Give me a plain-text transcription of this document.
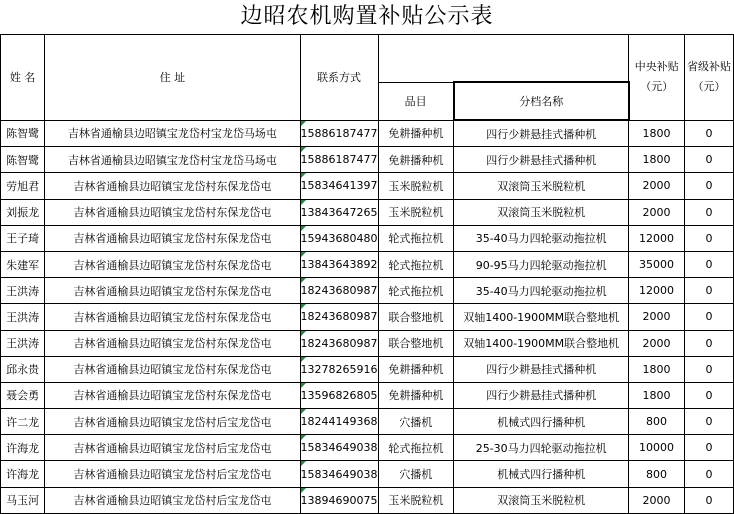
边昭农机购置补贴公示表
姓 名	住 址	联系方式			中央补贴（元）	省级补贴（元）
			品目	分档名称		
陈智鹭	吉林省通榆县边昭镇宝龙岱村宝龙岱马场屯	15886187477	免耕播种机	四行少耕悬挂式播种机	1800	0
陈智鹭	吉林省通榆县边昭镇宝龙岱村宝龙岱马场屯	15886187477	免耕播种机	四行少耕悬挂式播种机	1800	0
劳旭君	吉林省通榆县边昭镇宝龙岱村东保龙岱屯	15834641397	玉米脱粒机	双滚筒玉米脱粒机	2000	0
刘振龙	吉林省通榆县边昭镇宝龙岱村东保龙岱屯	13843647265	玉米脱粒机	双滚筒玉米脱粒机	2000	0
王子琦	吉林省通榆县边昭镇宝龙岱村东保龙岱屯	15943680480	轮式拖拉机	35-40马力四轮驱动拖拉机	12000	0
朱建军	吉林省通榆县边昭镇宝龙岱村东保龙岱屯	13843643892	轮式拖拉机	90-95马力四轮驱动拖拉机	35000	0
王洪涛	吉林省通榆县边昭镇宝龙岱村东保龙岱屯	18243680987	轮式拖拉机	35-40马力四轮驱动拖拉机	12000	0
王洪涛	吉林省通榆县边昭镇宝龙岱村东保龙岱屯	18243680987	联合整地机	双轴1400-1900MM联合整地机	2000	0
王洪涛	吉林省通榆县边昭镇宝龙岱村东保龙岱屯	18243680987	联合整地机	双轴1400-1900MM联合整地机	2000	0
邱永贵	吉林省通榆县边昭镇宝龙岱村东保龙岱屯	13278265916	免耕播种机	四行少耕悬挂式播种机	1800	0
聂会勇	吉林省通榆县边昭镇宝龙岱村东保龙岱屯	13596826805	免耕播种机	四行少耕悬挂式播种机	1800	0
许二龙	吉林省通榆县边昭镇宝龙岱村后宝龙岱屯	18244149368	穴播机	机械式四行播种机	800	0
许海龙	吉林省通榆县边昭镇宝龙岱村后宝龙岱屯	15834649038	轮式拖拉机	25-30马力四轮驱动拖拉机	10000	0
许海龙	吉林省通榆县边昭镇宝龙岱村后宝龙岱屯	15834649038	穴播机	机械式四行播种机	800	0
马玉河	吉林省通榆县边昭镇宝龙岱村后宝龙岱屯	13894690075	玉米脱粒机	双滚筒玉米脱粒机	2000	0
